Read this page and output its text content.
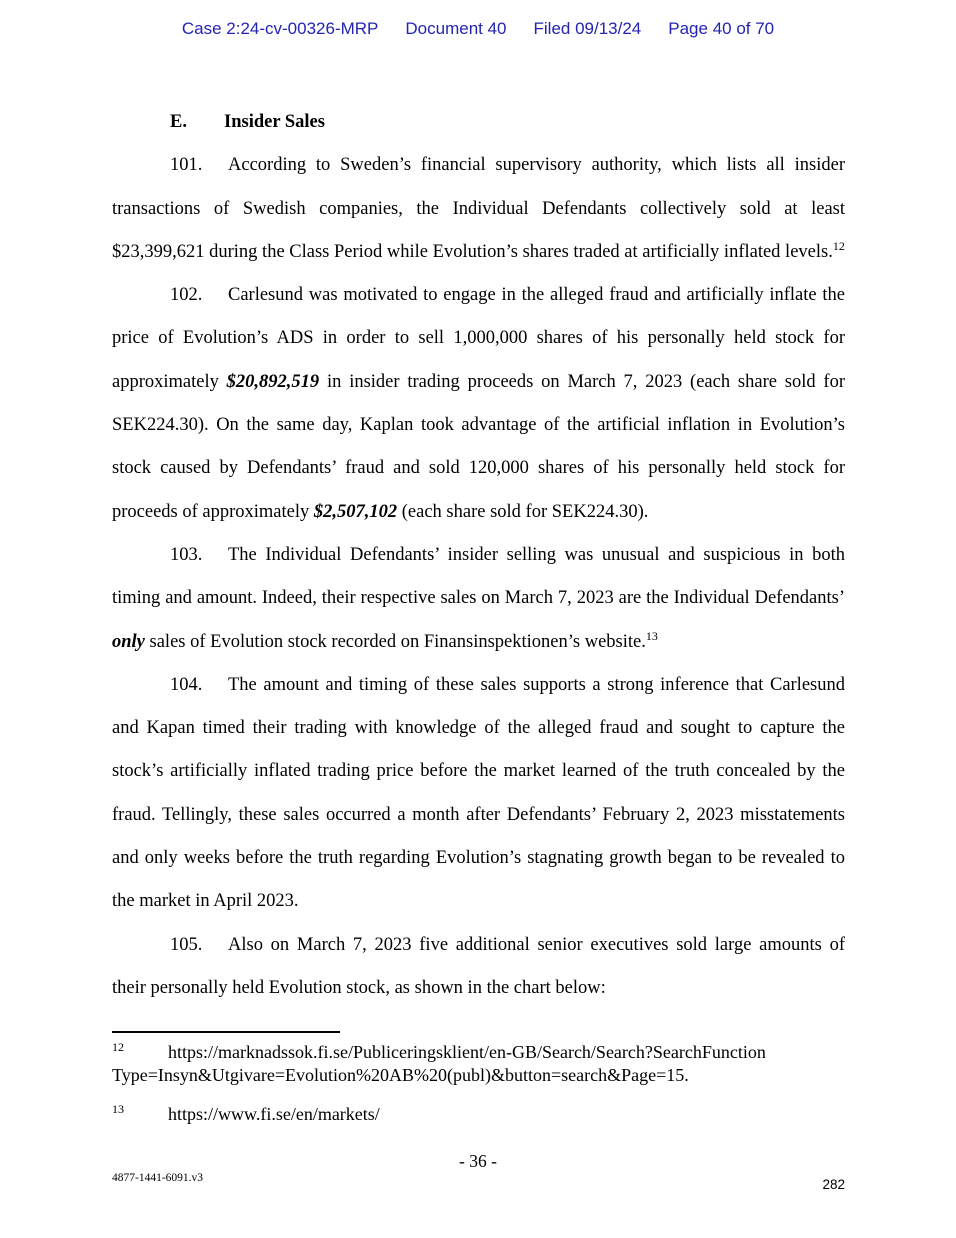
Case 2:24-cv-00326-MRP Document 40 Filed 09/13/24 Page 40 of 70
E. Insider Sales

101. According to Sweden’s financial supervisory authority, which lists all insider transactions of Swedish companies, the Individual Defendants collectively sold at least $23,399,621 during the Class Period while Evolution’s shares traded at artificially inflated levels.$^{12}$

102. Carlesund was motivated to engage in the alleged fraud and artificially inflate the price of Evolution’s ADS in order to sell 1,000,000 shares of his personally held stock for approximately $20,892,519 in insider trading proceeds on March 7, 2023 (each share sold for SEK224.30). On the same day, Kaplan took advantage of the artificial inflation in Evolution’s stock caused by Defendants’ fraud and sold 120,000 shares of his personally held stock for proceeds of approximately $2,507,102 (each share sold for SEK224.30).

103. The Individual Defendants’ insider selling was unusual and suspicious in both timing and amount. Indeed, their respective sales on March 7, 2023 are the Individual Defendants’ only sales of Evolution stock recorded on Finansinspektionen’s website.$^{13}$

104. The amount and timing of these sales supports a strong inference that Carlesund and Kapan timed their trading with knowledge of the alleged fraud and sought to capture the stock’s artificially inflated trading price before the market learned of the truth concealed by the fraud. Tellingly, these sales occurred a month after Defendants’ February 2, 2023 misstatements and only weeks before the truth regarding Evolution’s stagnating growth began to be revealed to the market in April 2023.

105. Also on March 7, 2023 five additional senior executives sold large amounts of their personally held Evolution stock, as shown in the chart below:

12 https://marknadssok.fi.se/Publiceringsklient/en-GB/Search/Search?SearchFunction
Type=Insyn&Utgivare=Evolution%20AB%20(publ)&button=search&Page=15.
13 https://www.fi.se/en/markets/
- 36 -
4877-1441-6091.v3	282
